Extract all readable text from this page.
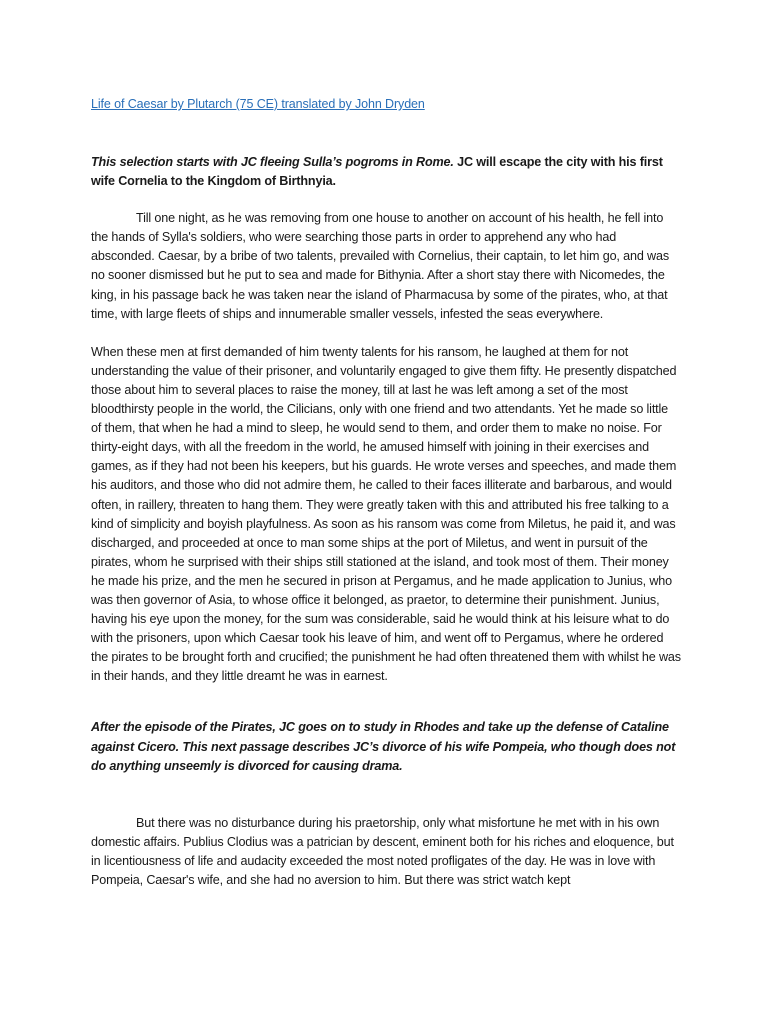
Life of Caesar by Plutarch (75 CE) translated by John Dryden

This selection starts with JC fleeing Sulla’s pogroms in Rome. JC will escape the city with his first wife Cornelia to the Kingdom of Birthnyia.

Till one night, as he was removing from one house to another on account of his health, he fell into the hands of Sylla's soldiers, who were searching those parts in order to apprehend any who had absconded. Caesar, by a bribe of two talents, prevailed with Cornelius, their captain, to let him go, and was no sooner dismissed but he put to sea and made for Bithynia. After a short stay there with Nicomedes, the king, in his passage back he was taken near the island of Pharmacusa by some of the pirates, who, at that time, with large fleets of ships and innumerable smaller vessels, infested the seas everywhere.

When these men at first demanded of him twenty talents for his ransom, he laughed at them for not understanding the value of their prisoner, and voluntarily engaged to give them fifty. He presently dispatched those about him to several places to raise the money, till at last he was left among a set of the most bloodthirsty people in the world, the Cilicians, only with one friend and two attendants. Yet he made so little of them, that when he had a mind to sleep, he would send to them, and order them to make no noise. For thirty-eight days, with all the freedom in the world, he amused himself with joining in their exercises and games, as if they had not been his keepers, but his guards. He wrote verses and speeches, and made them his auditors, and those who did not admire them, he called to their faces illiterate and barbarous, and would often, in raillery, threaten to hang them. They were greatly taken with this and attributed his free talking to a kind of simplicity and boyish playfulness. As soon as his ransom was come from Miletus, he paid it, and was discharged, and proceeded at once to man some ships at the port of Miletus, and went in pursuit of the pirates, whom he surprised with their ships still stationed at the island, and took most of them. Their money he made his prize, and the men he secured in prison at Pergamus, and he made application to Junius, who was then governor of Asia, to whose office it belonged, as praetor, to determine their punishment. Junius, having his eye upon the money, for the sum was considerable, said he would think at his leisure what to do with the prisoners, upon which Caesar took his leave of him, and went off to Pergamus, where he ordered the pirates to be brought forth and crucified; the punishment he had often threatened them with whilst he was in their hands, and they little dreamt he was in earnest.

After the episode of the Pirates, JC goes on to study in Rhodes and take up the defense of Cataline against Cicero. This next passage describes JC’s divorce of his wife Pompeia, who though does not do anything unseemly is divorced for causing drama.

But there was no disturbance during his praetorship, only what misfortune he met with in his own domestic affairs. Publius Clodius was a patrician by descent, eminent both for his riches and eloquence, but in licentiousness of life and audacity exceeded the most noted profligates of the day. He was in love with Pompeia, Caesar's wife, and she had no aversion to him. But there was strict watch kept
